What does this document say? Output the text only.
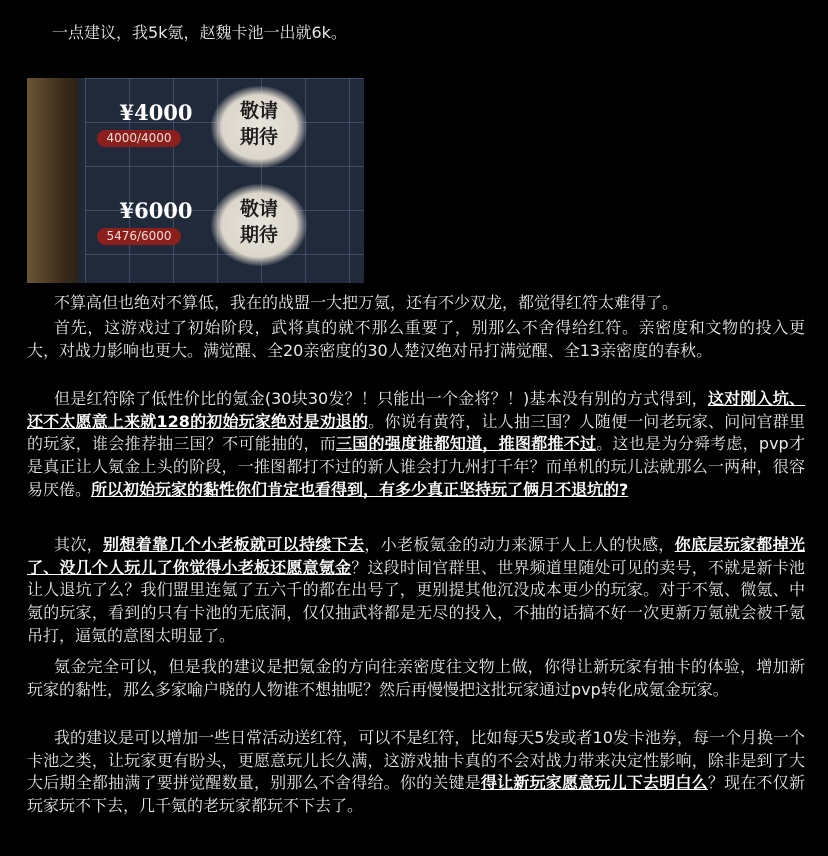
一点建议，我5k氪，赵魏卡池一出就6k。
¥4000
4000/4000
敬请
期待
¥6000
5476/6000
敬请
期待
不算高但也绝对不算低，我在的战盟一大把万氪，还有不少双龙，都觉得红符太难得了。
首先，这游戏过了初始阶段，武将真的就不那么重要了，别那么不舍得给红符。亲密度和文物的投入更大，对战力影响也更大。满觉醒、全20亲密度的30人楚汉绝对吊打满觉醒、全13亲密度的春秋。
但是红符除了低性价比的氪金(30块30发？！只能出一个金将？！)基本没有别的方式得到，这对刚入坑、还不太愿意上来就128的初始玩家绝对是劝退的。你说有黄符，让人抽三国？人随便一问老玩家、问问官群里的玩家，谁会推荐抽三国？不可能抽的，而三国的强度谁都知道，推图都推不过。这也是为分舜考虑，pvp才是真正让人氪金上头的阶段，一推图都打不过的新人谁会打九州打千年？而单机的玩儿法就那么一两种，很容易厌倦。所以初始玩家的黏性你们肯定也看得到，有多少真正坚持玩了俩月不退坑的?
其次，别想着靠几个小老板就可以持续下去，小老板氪金的动力来源于人上人的快感，你底层玩家都掉光了、没几个人玩儿了你觉得小老板还愿意氪金？这段时间官群里、世界频道里随处可见的卖号，不就是新卡池让人退坑了么？我们盟里连氪了五六千的都在出号了，更别提其他沉没成本更少的玩家。对于不氪、微氪、中氪的玩家，看到的只有卡池的无底洞，仅仅抽武将都是无尽的投入，不抽的话搞不好一次更新万氪就会被千氪吊打，逼氪的意图太明显了。
氪金完全可以，但是我的建议是把氪金的方向往亲密度往文物上做，你得让新玩家有抽卡的体验，增加新玩家的黏性，那么多家喻户晓的人物谁不想抽呢？然后再慢慢把这批玩家通过pvp转化成氪金玩家。
我的建议是可以增加一些日常活动送红符，可以不是红符，比如每天5发或者10发卡池券，每一个月换一个卡池之类，让玩家更有盼头，更愿意玩儿长久满，这游戏抽卡真的不会对战力带来决定性影响，除非是到了大大后期全都抽满了要拼觉醒数量，别那么不舍得给。你的关键是得让新玩家愿意玩儿下去明白么？现在不仅新玩家玩不下去，几千氪的老玩家都玩不下去了。
